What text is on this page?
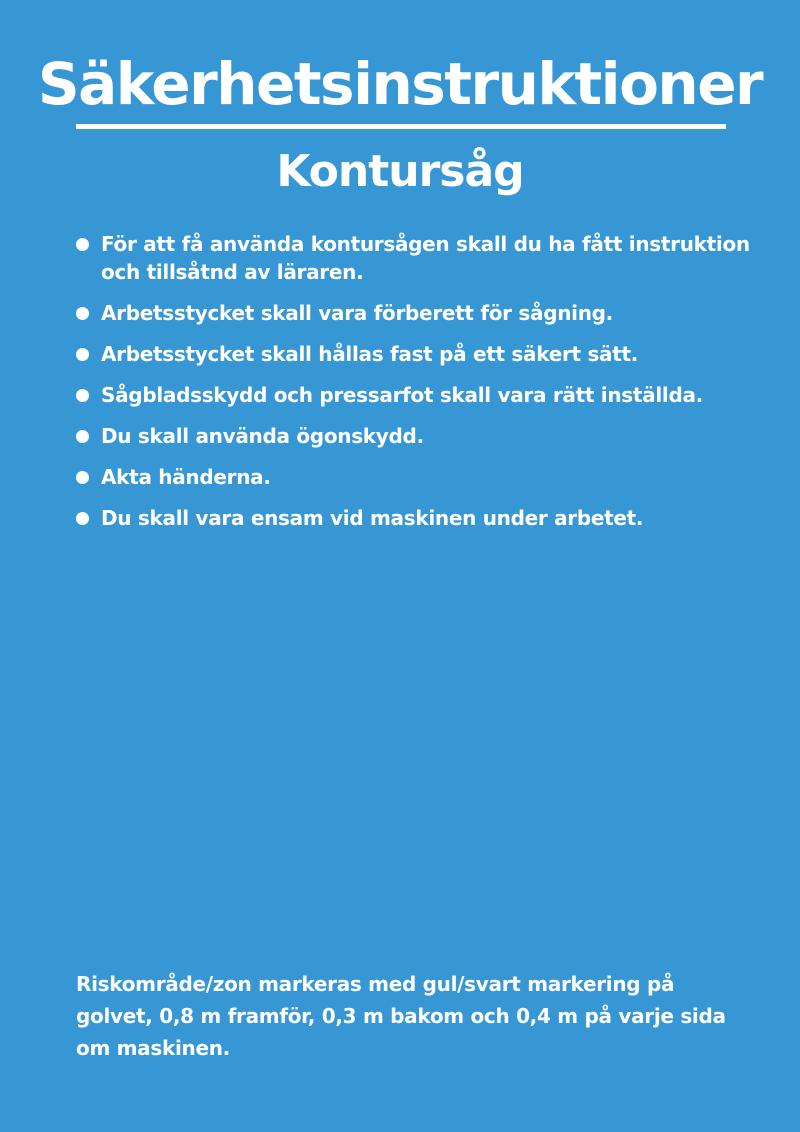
Säkerhetsinstruktioner
Kontursåg
För att få använda kontursågen skall du ha fått instruktion och tillsåtnd av läraren.
Arbetsstycket skall vara förberett för sågning.
Arbetsstycket skall hållas fast på ett säkert sätt.
Sågbladsskydd och pressarfot skall vara rätt inställda.
Du skall använda ögonskydd.
Akta händerna.
Du skall vara ensam vid maskinen under arbetet.

Riskområde/zon markeras med gul/svart markering på golvet, 0,8 m framför, 0,3 m bakom och 0,4 m på varje sida om maskinen.
